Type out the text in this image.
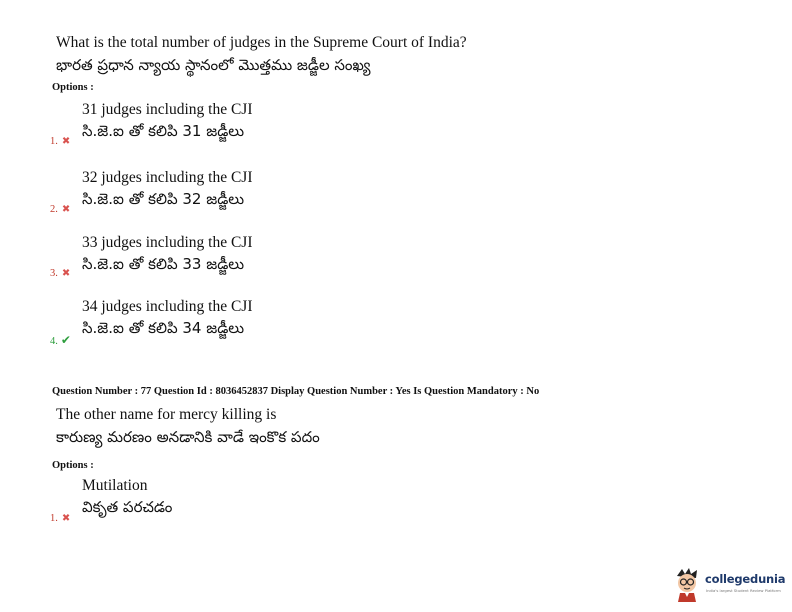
What is the total number of judges in the Supreme Court of India?
భారత ప్రధాన న్యాయ స్థానంలో మొత్తము జడ్జీల సంఖ్య
Options :
31 judges including the CJI
సి.జె.ఐ తో కలిపి 31 జడ్జీలు
1. ✖
32 judges including the CJI
సి.జె.ఐ తో కలిపి 32 జడ్జీలు
2. ✖
33 judges including the CJI
సి.జె.ఐ తో కలిపి 33 జడ్జీలు
3. ✖
34 judges including the CJI
సి.జె.ఐ తో కలిపి 34 జడ్జీలు
4. ✔
Question Number : 77 Question Id : 8036452837 Display Question Number : Yes Is Question Mandatory : No
The other name for mercy killing is
కారుణ్య మరణం అనడానికి వాడే ఇంకొక పదం
Options :
Mutilation
వికృత పరచడం
1. ✖
collegedunia
India's largest Student Review Platform
